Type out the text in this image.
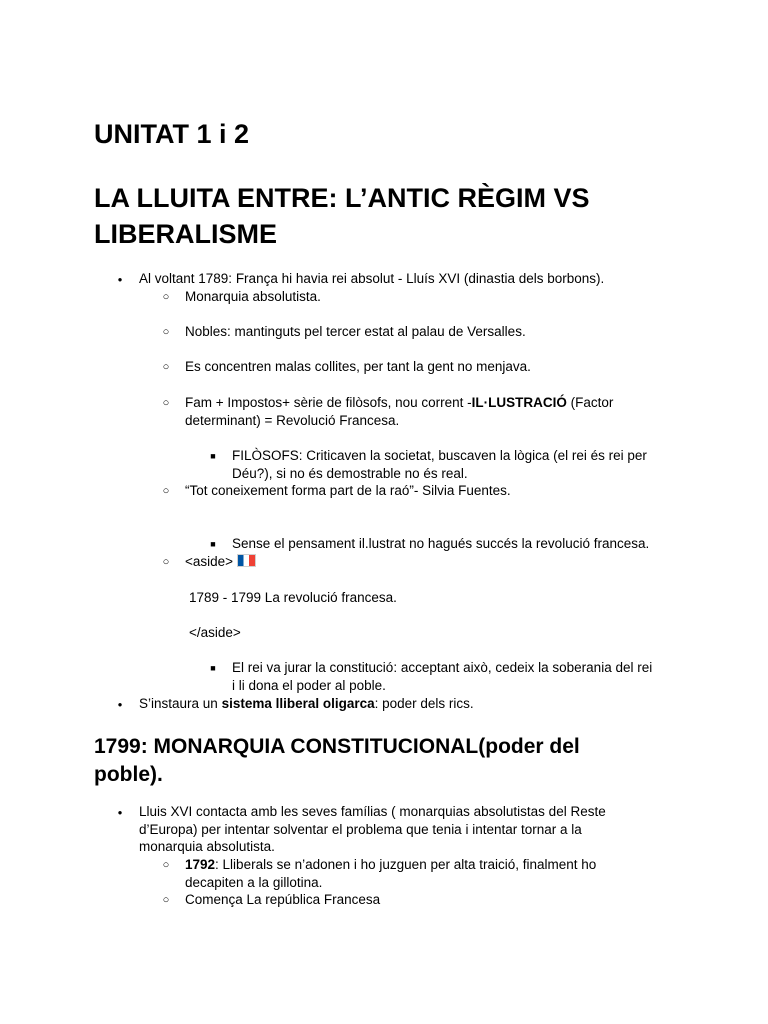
UNITAT 1 i 2
LA LLUITA ENTRE: L’ANTIC RÈGIM VS
LIBERALISME
●
Al voltant 1789: França hi havia rei absolut - Lluís XVI (dinastia dels borbons).
○
Monarquia absolutista.
○
Nobles: mantinguts pel tercer estat al palau de Versalles.
○
Es concentren malas collites, per tant la gent no menjava.
○
Fam + Impostos+ sèrie de filòsofs, nou corrent -IL·LUSTRACIÓ (Factor
determinant) = Revolució Francesa.
■
FILÒSOFS: Criticaven la societat, buscaven la lògica (el rei és rei per
Déu?), si no és demostrable no és real.
○
“Tot coneixement forma part de la raó”- Silvia Fuentes.
■
Sense el pensament il.lustrat no hagués succés la revolució francesa.
○
<aside>
1789 - 1799 La revolució francesa.
</aside>
■
El rei va jurar la constitució: acceptant això, cedeix la soberania del rei
i li dona el poder al poble.
●
S’instaura un sistema lliberal oligarca: poder dels rics.
1799: MONARQUIA CONSTITUCIONAL(poder del
poble).
●
Lluis XVI contacta amb les seves famílias ( monarquias absolutistas del Reste
d’Europa) per intentar solventar el problema que tenia i intentar tornar a la
monarquia absolutista.
○
1792: Lliberals se n’adonen i ho juzguen per alta traició, finalment ho
decapiten a la gillotina.
○
Comença La república Francesa
